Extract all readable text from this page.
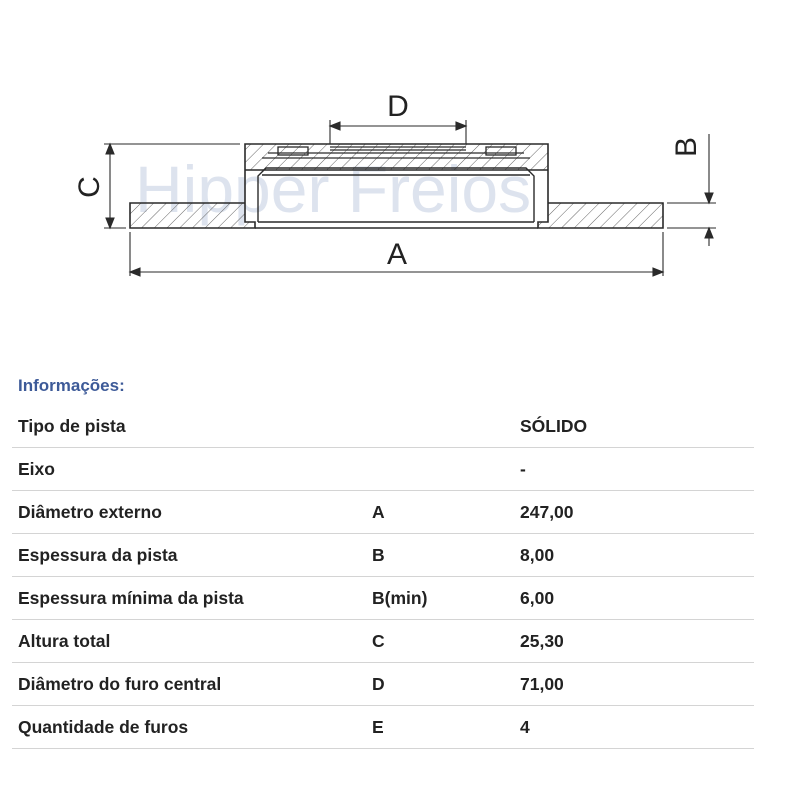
Hipper Freios
A
C
D
B
Informações:
Tipo de pista		SÓLIDO
Eixo		-
Diâmetro externo	A	247,00
Espessura da pista	B	8,00
Espessura mínima da pista	B(min)	6,00
Altura total	C	25,30
Diâmetro do furo central	D	71,00
Quantidade de furos	E	4
